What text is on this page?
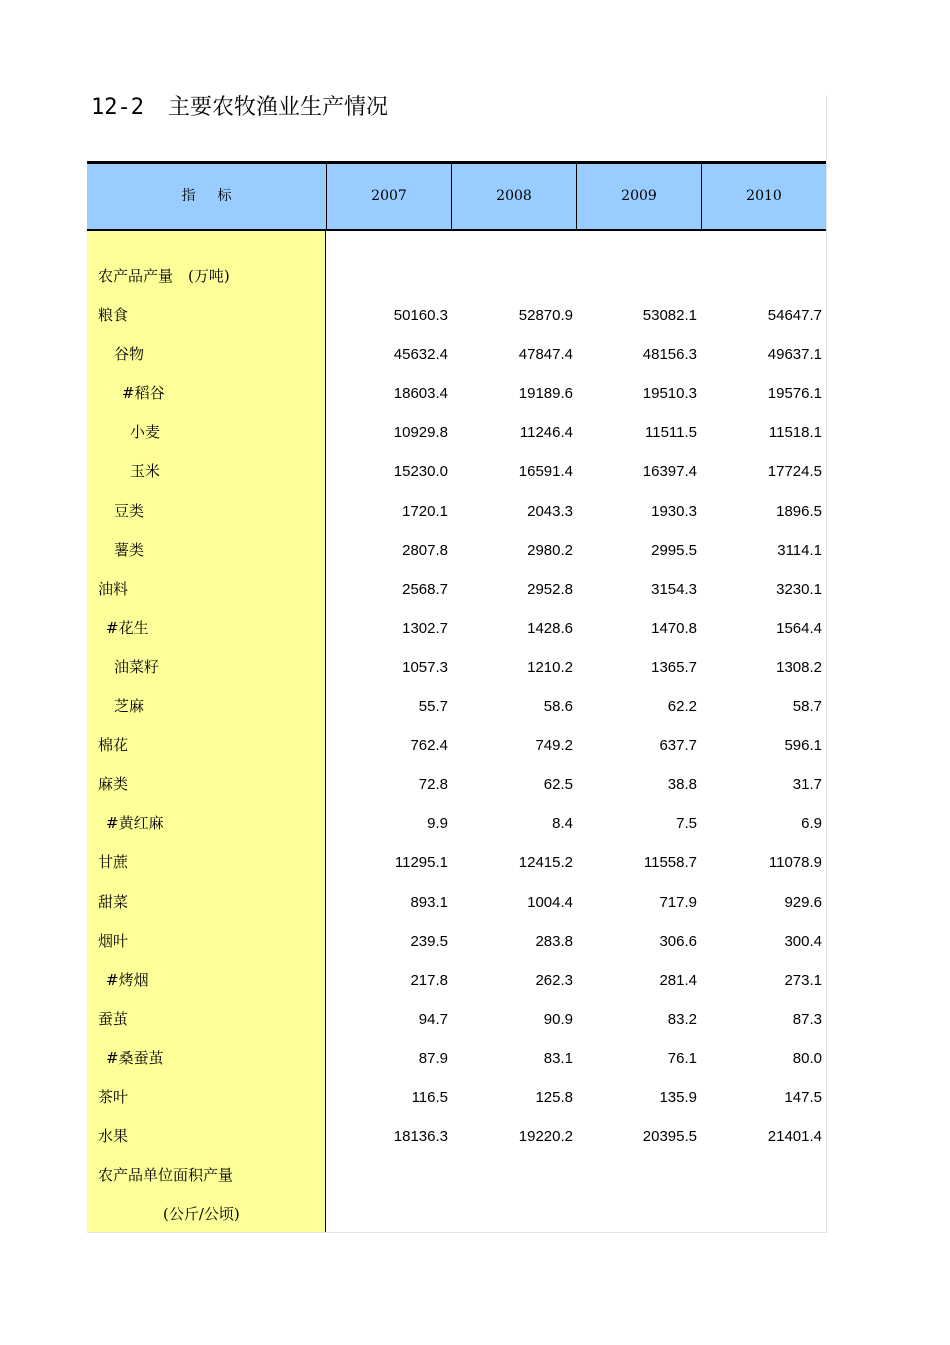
12-2 主要农牧渔业生产情况
指标	2007	2008	2009	2010
农产品产量　(万吨)
粮食	50160.3	52870.9	53082.1	54647.7
谷物	45632.4	47847.4	48156.3	49637.1
#稻谷	18603.4	19189.6	19510.3	19576.1
小麦	10929.8	11246.4	11511.5	11518.1
玉米	15230.0	16591.4	16397.4	17724.5
豆类	1720.1	2043.3	1930.3	1896.5
薯类	2807.8	2980.2	2995.5	3114.1
油料	2568.7	2952.8	3154.3	3230.1
#花生	1302.7	1428.6	1470.8	1564.4
油菜籽	1057.3	1210.2	1365.7	1308.2
芝麻	55.7	58.6	62.2	58.7
棉花	762.4	749.2	637.7	596.1
麻类	72.8	62.5	38.8	31.7
#黄红麻	9.9	8.4	7.5	6.9
甘蔗	11295.1	12415.2	11558.7	11078.9
甜菜	893.1	1004.4	717.9	929.6
烟叶	239.5	283.8	306.6	300.4
#烤烟	217.8	262.3	281.4	273.1
蚕茧	94.7	90.9	83.2	87.3
#桑蚕茧	87.9	83.1	76.1	80.0
茶叶	116.5	125.8	135.9	147.5
水果	18136.3	19220.2	20395.5	21401.4
农产品单位面积产量
(公斤/公顷)
